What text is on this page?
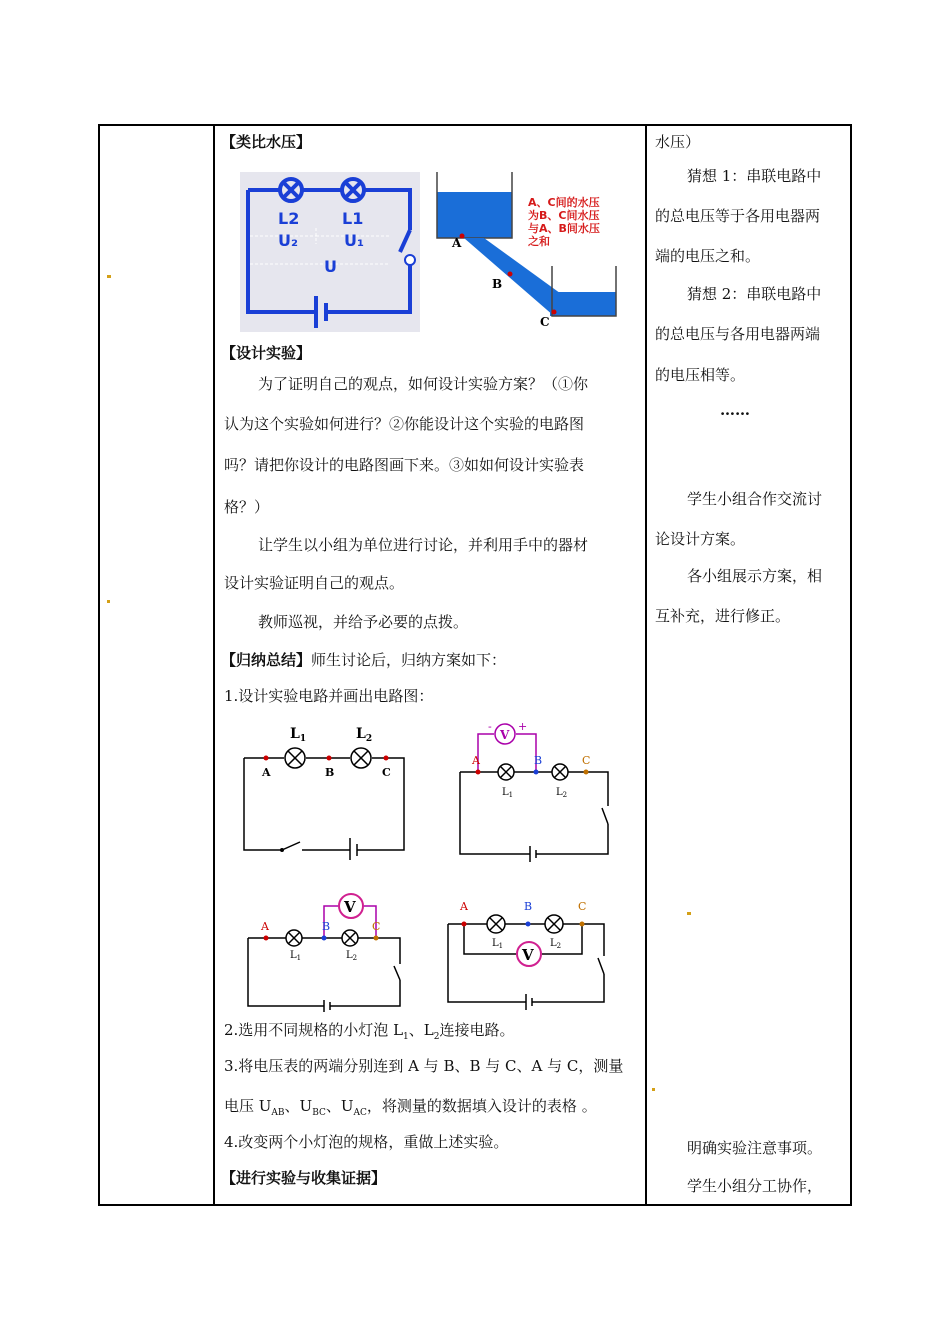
【类比水压】
L2	L1
U₂	U₁
U
A
B
C
A、C间的水压
为B、C间水压
与A、B间水压
之和
【设计实验】
为了证明自己的观点，如何设计实验方案？（①你
认为这个实验如何进行？②你能设计这个实验的电路图
吗？请把你设计的电路图画下来。③如如何设计实验表
格？）
让学生以小组为单位进行讨论，并利用手中的器材
设计实验证明自己的观点。
教师巡视，并给予必要的点拨。
【归纳总结】师生讨论后，归纳方案如下：
1.设计实验电路并画出电路图：
$L_1$	$L_2$
A	B	C
V
- +
A	B	C
$L_1$	$L_2$
V
A	B	C
$L_1$	$L_2$	V
A	B	C
$L_1$	$L_2$
2.选用不同规格的小灯泡 $L_1$、$L_2$连接电路。
3.将电压表的两端分别连到 A 与 B、B 与 C、A 与 C，测量
电压 $U_{AB}$、$U_{BC}$、$U_{AC}$，将测量的数据填入设计的表格 。
4.改变两个小灯泡的规格，重做上述实验。
【进行实验与收集证据】
水压）
猜想 1：串联电路中
的总电压等于各用电器两
端的电压之和。
猜想 2：串联电路中
的总电压与各用电器两端
的电压相等。
……
学生小组合作交流讨
论设计方案。
各小组展示方案，相
互补充，进行修正。
明确实验注意事项。
学生小组分工协作，
